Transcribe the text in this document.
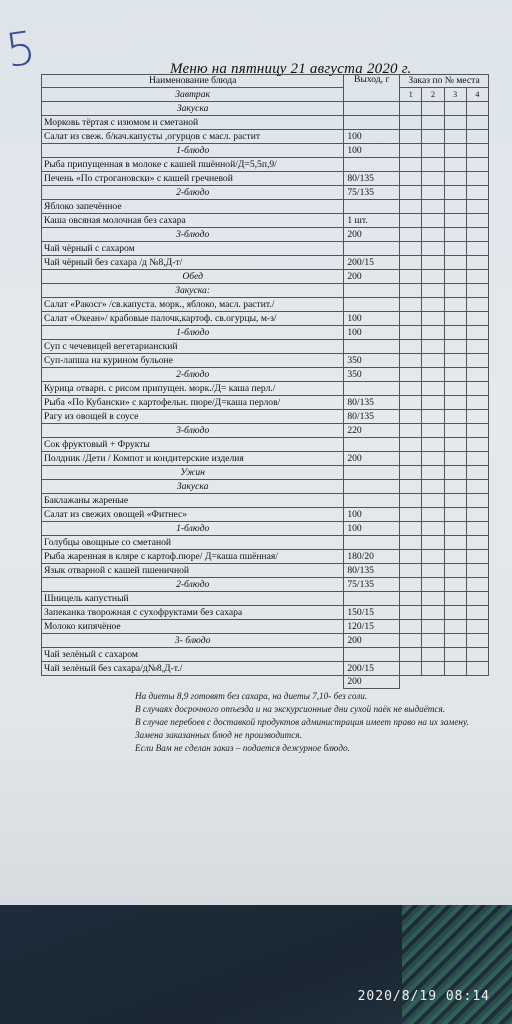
5	Меню на пятницу 21 августа 2020 г.
Наименование блюда	Выход, г	Заказ по № места
Завтрак		1 2 3 4

Закуска		

Морковь тёртая с изюмом и сметаной		

Салат из свеж. б/кач.капусты ,огурцов с масл. растит	100	

1-блюдо	100	

Рыба припущенная в молоке с кашей пшённой/Д=5,5п,9/		

Печень «По строгановски» с кашей гречневой	80/135	

2-блюдо	75/135	

Яблоко запечённое		

Каша овсяная молочная без сахара	1 шт.	

3-блюдо	200	

Чай чёрный с сахаром		

Чай чёрный без сахара /д №8,Д-т/	200/15	

Обед	200	

Закуска:		

Салат «Ракосг» /св.капуста. морк., яблоко, масл. растит./		

Салат «Океан»/ крабовые палочк,картоф. св.огурцы, м-з/	100	

1-блюдо	100	

Суп с чечевицей вегетарианский		

Суп-лапша на курином бульоне	350	

2-блюдо	350	

Курица отварн. с рисом припущен. морк./Д= каша перл./		

Рыба «По Кубански» с картофельн. пюре/Д=каша перлов/	80/135	

Рагу из овощей в соусе	80/135	

3-блюдо	220	

Сок фруктовый + Фрукты		

Полдник /Дети / Компот и кондитерские изделия	200	

Ужин		

Закуска		

Баклажаны жареные		

Салат из свежих овощей «Фитнес»	100	

1-блюдо	100	

Голубцы овощные со сметаной		

Рыба жаренная в кляре с картоф.пюре/ Д=каша пшённая/	180/20	

Язык отварной с кашей пшеничной	80/135	

2-блюдо	75/135	

Шницель капустный		

Запеканка творожная с сухофруктами без сахара	150/15	

Молоко кипячёное	120/15	

3- блюдо	200	

Чай зелёный с сахаром		

Чай зелёный без сахара/д№8,Д-т./	200/15	

	200	
На диеты 8,9 готовят без сахара, на диеты 7,10- без соли.
В случаях досрочного отъезда и на экскурсионные дни сухой паёк не выдаётся.
В случае перебоев с доставкой продуктов администрация имеет право на их замену.
Замена заказанных блюд не производится.
Если Вам не сделан заказ – подается дежурное блюдо.
2020/8/19 08:14
